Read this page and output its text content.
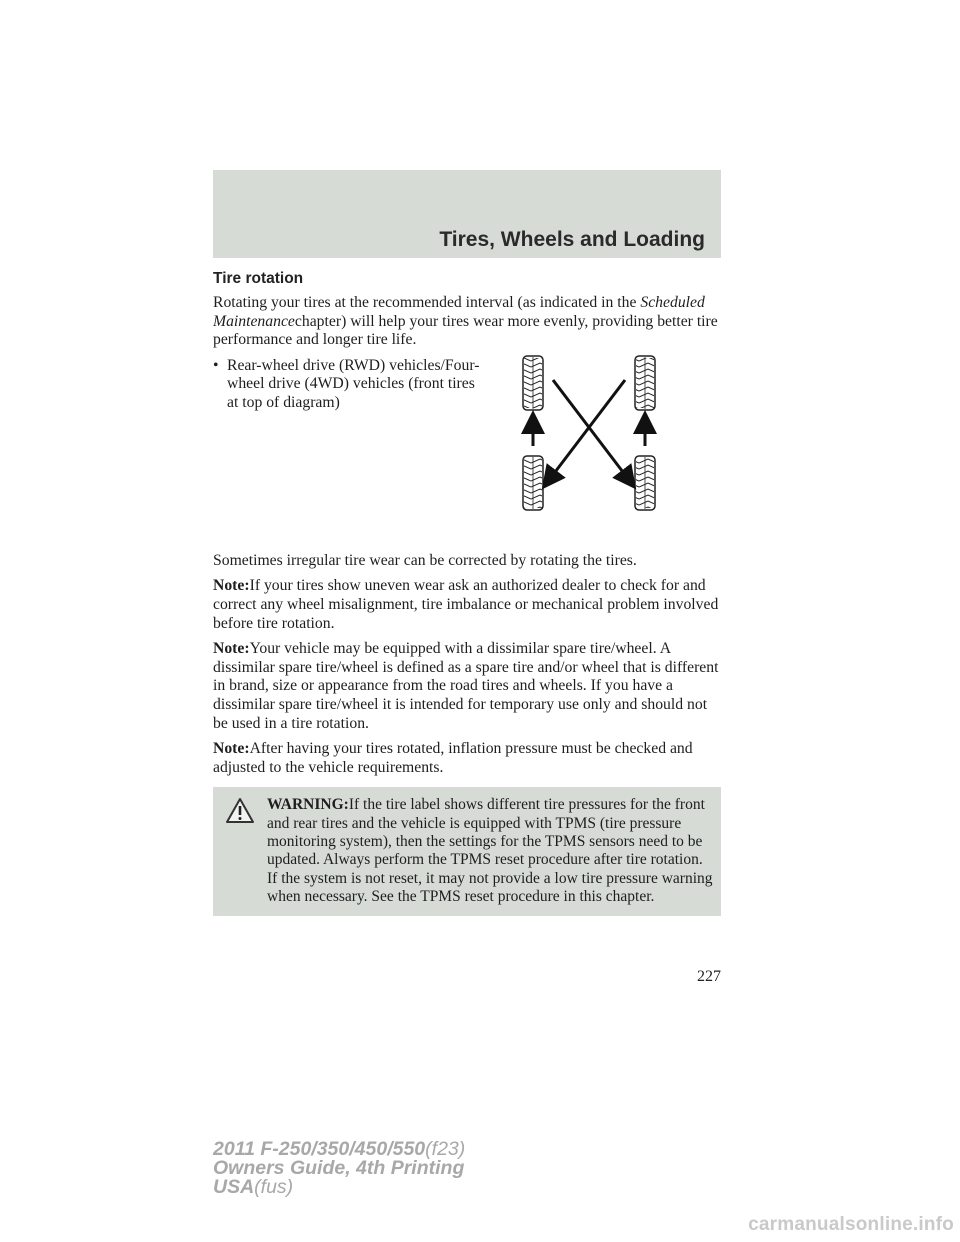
Tires, Wheels and Loading
Tire rotation

Rotating your tires at the recommended interval (as indicated in the Scheduled Maintenancechapter) will help your tires wear more evenly, providing better tire performance and longer tire life.

• Rear-wheel drive (RWD) vehicles/Four-wheel drive (4WD) vehicles (front tires at top of diagram)

Sometimes irregular tire wear can be corrected by rotating the tires.

Note:If your tires show uneven wear ask an authorized dealer to check for and correct any wheel misalignment, tire imbalance or mechanical problem involved before tire rotation.

Note:Your vehicle may be equipped with a dissimilar spare tire/wheel. A dissimilar spare tire/wheel is defined as a spare tire and/or wheel that is different in brand, size or appearance from the road tires and wheels. If you have a dissimilar spare tire/wheel it is intended for temporary use only and should not be used in a tire rotation.

Note:After having your tires rotated, inflation pressure must be checked and adjusted to the vehicle requirements.

WARNING:If the tire label shows different tire pressures for the front and rear tires and the vehicle is equipped with TPMS (tire pressure monitoring system), then the settings for the TPMS sensors need to be updated. Always perform the TPMS reset procedure after tire rotation. If the system is not reset, it may not provide a low tire pressure warning when necessary. See the TPMS reset procedure in this chapter.
227
2011 F-250/350/450/550(f23)
Owners Guide, 4th Printing
USA(fus)
carmanualsonline.info
